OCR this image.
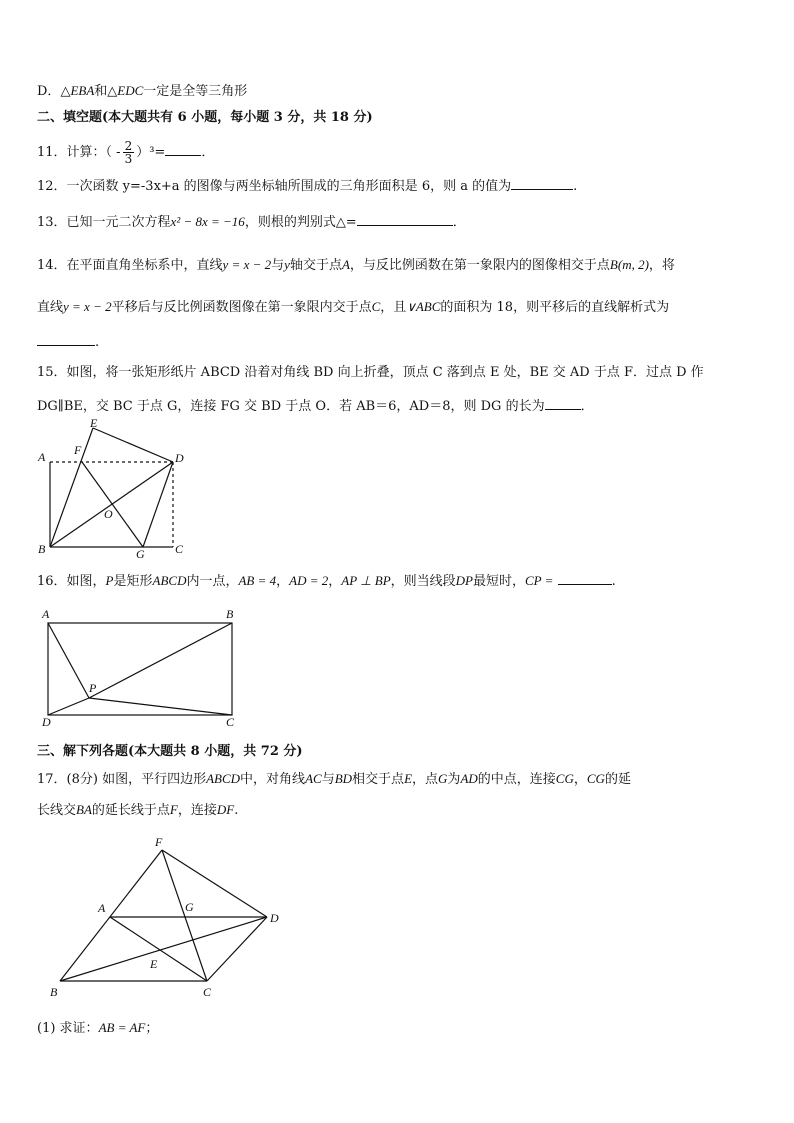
D．△EBA和△EDC一定是全等三角形
二、填空题(本大题共有 6 小题，每小题 3 分，共 18 分)
11．计算：（ - $\frac{2}{3} )^3=$	．
12．一次函数 y=-3x+a 的图像与两坐标轴所围成的三角形面积是 6，则 a 的值为	.
13．已知一元二次方程x² − 8x = −16，则根的判别式△=	．
14．在平面直角坐标系中，直线y = x − 2与y轴交于点A，与反比例函数在第一象限内的图像相交于点B(m, 2)，将
直线y = x − 2平移后与反比例函数图像在第一象限内交于点C，且∨ABC的面积为 18，则平移后的直线解析式为
.
15．如图，将一张矩形纸片 ABCD 沿着对角线 BD 向上折叠，顶点 C 落到点 E 处，BE 交 AD 于点 F．过点 D 作
DG∥BE，交 BC 于点 G，连接 FG 交 BD 于点 O．若 AB＝6，AD＝8，则 DG 的长为	．
E
A F
D
O
B	G	C
16．如图，P是矩形ABCD内一点，AB = 4，AD = 2，AP ⊥ BP，则当线段DP最短时，CP =	.
A	B
P
D	C
三、解下列各题(本大题共 8 小题，共 72 分)
17．(8分) 如图，平行四边形ABCD中，对角线AC与BD相交于点E，点G为AD的中点，连接CG，CG的延
长线交BA的延长线于点F，连接DF.
F
A	G
D
E
B	C
(1) 求证：AB = AF；
